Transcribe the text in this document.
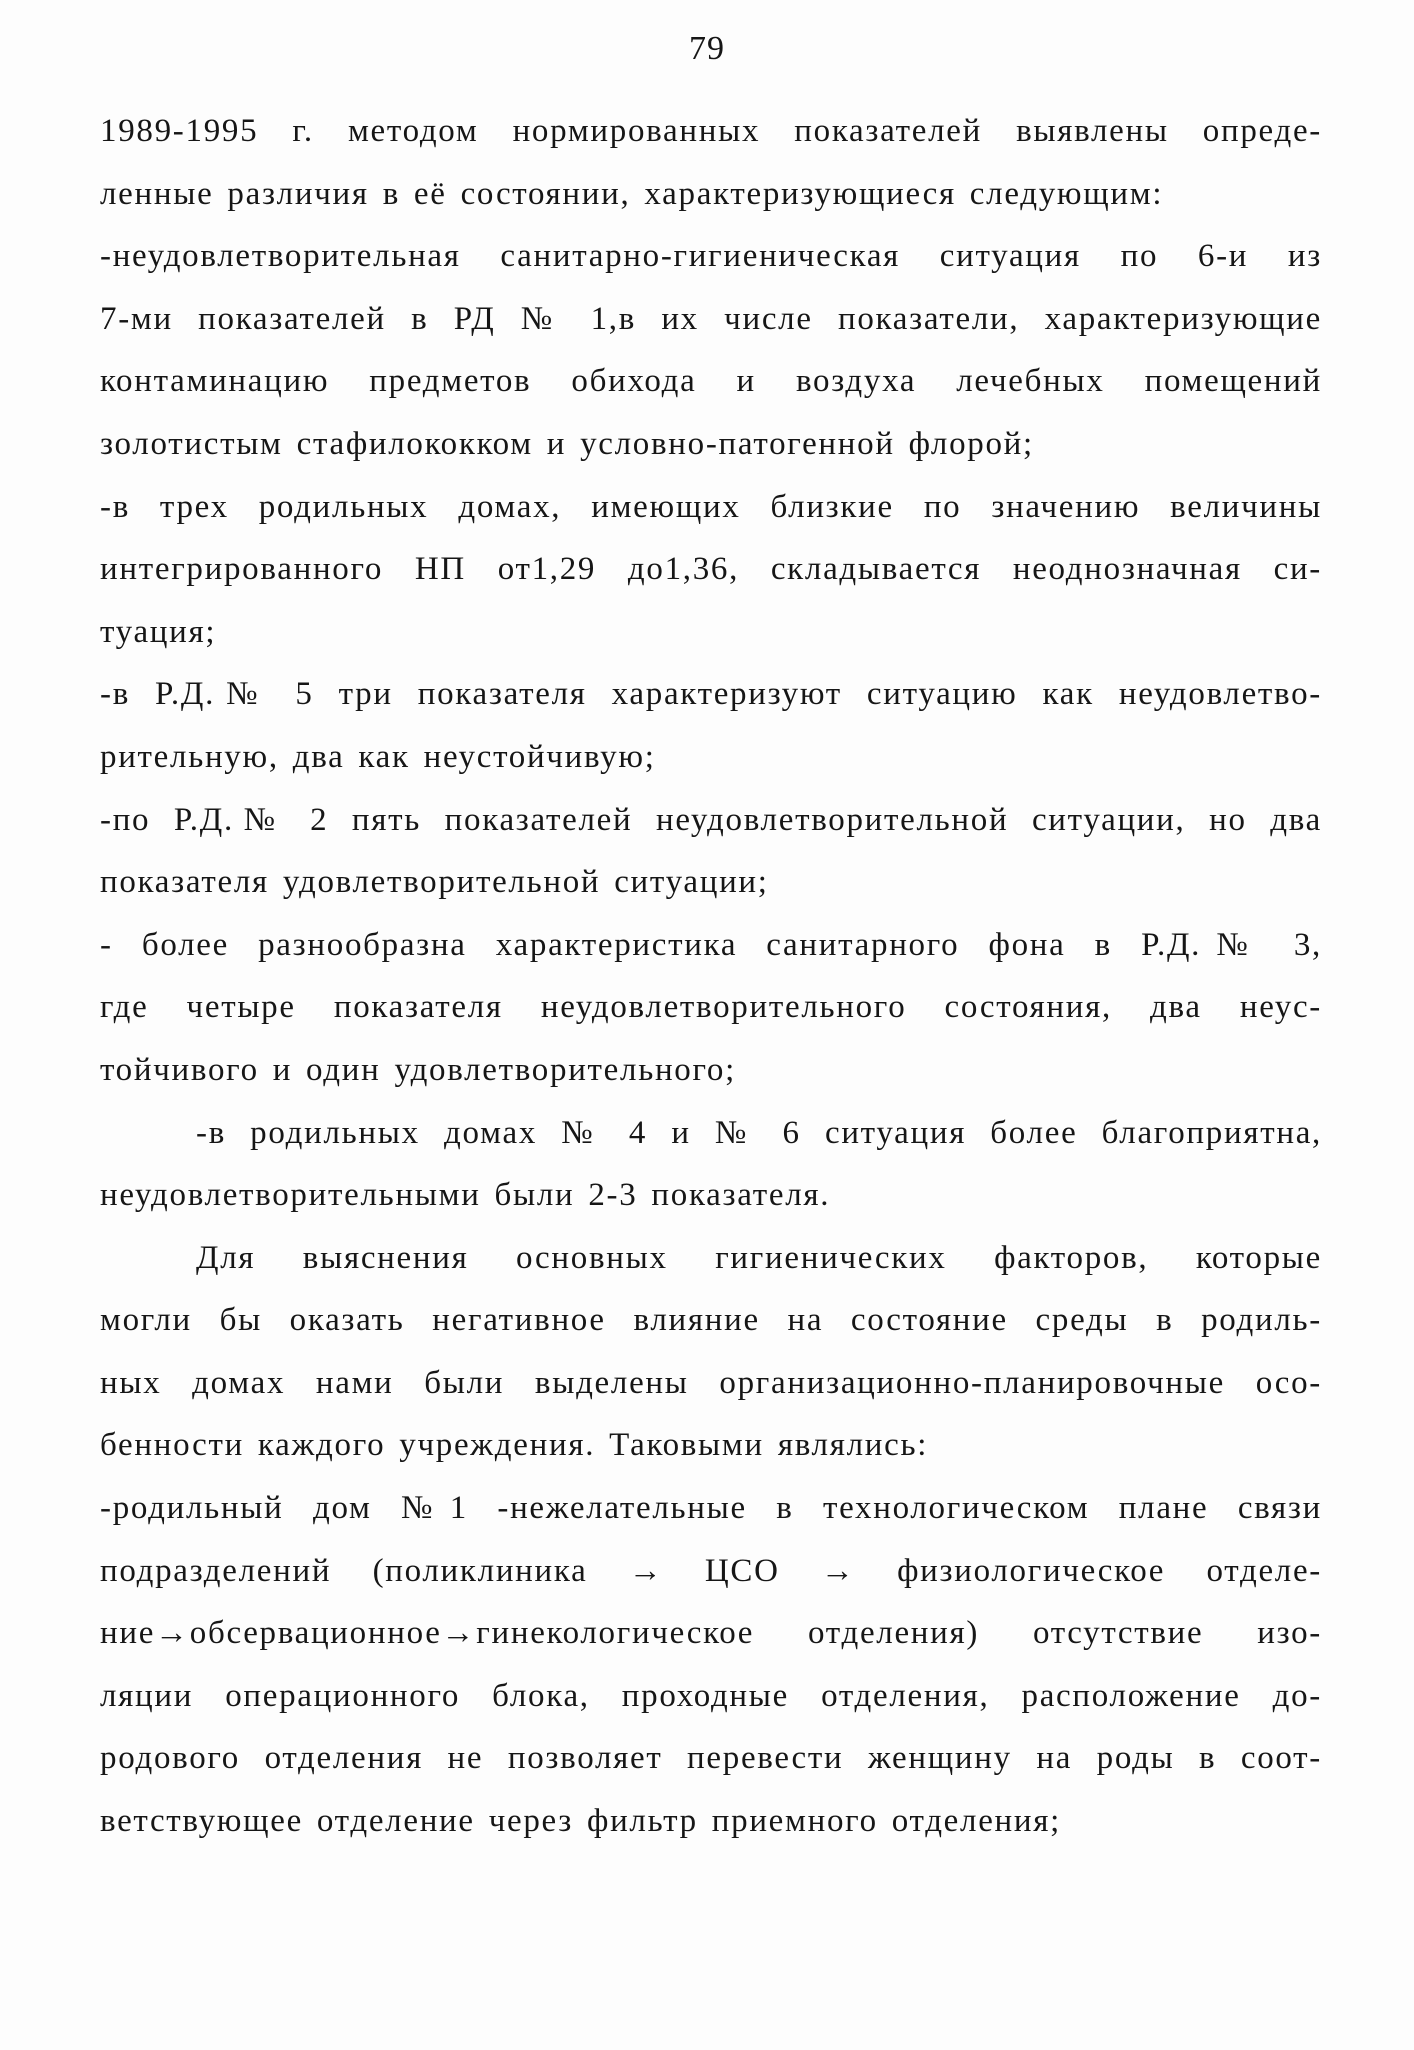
79
1989-1995 г. методом нормированных показателей выявлены опреде-
ленные различия в её состоянии, характеризующиеся следующим:
-неудовлетворительная санитарно-гигиеническая ситуация по 6-и из
7-ми показателей в РД № 1,в их числе показатели, характеризующие
контаминацию предметов обихода и воздуха лечебных помещений
золотистым стафилококком и условно-патогенной флорой;
-в трех родильных домах, имеющих близкие по значению величины
интегрированного НП от1,29 до1,36, складывается неоднозначная си-
туация;
-в Р.Д.№ 5 три показателя характеризуют ситуацию как неудовлетво-
рительную, два как неустойчивую;
-по Р.Д.№ 2 пять показателей неудовлетворительной ситуации, но два
показателя удовлетворительной ситуации;
- более разнообразна характеристика санитарного фона в Р.Д.№ 3,
где четыре показателя неудовлетворительного состояния, два неус-
тойчивого и один удовлетворительного;
-в родильных домах № 4 и № 6 ситуация более благоприятна,
неудовлетворительными были 2-3 показателя.
Для выяснения основных гигиенических факторов, которые
могли бы оказать негативное влияние на состояние среды в родиль-
ных домах нами были выделены организационно-планировочные осо-
бенности каждого учреждения. Таковыми являлись:
-родильный дом №1 -нежелательные в технологическом плане связи
подразделений (поликлиника → ЦСО → физиологическое отделе-
ние→обсервационное→гинекологическое отделения) отсутствие изо-
ляции операционного блока, проходные отделения, расположение до-
родового отделения не позволяет перевести женщину на роды в соот-
ветствующее отделение через фильтр приемного отделения;
